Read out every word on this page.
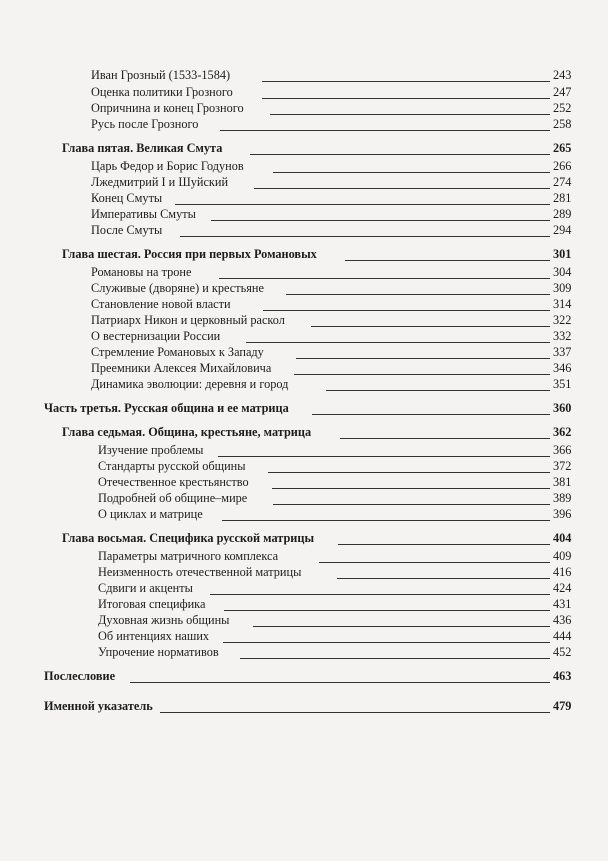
Иван Грозный (1533-1584)	243
Оценка политики Грозного	247
Опричнина и конец Грозного	252
Русь после Грозного	258
Глава пятая. Великая Смута	265
Царь Федор и Борис Годунов	266
Лжедмитрий I и Шуйский	274
Конец Смуты	281
Императивы Смуты	289
После Смуты	294
Глава шестая. Россия при первых Романовых	301
Романовы на троне	304
Служивые (дворяне) и крестьяне	309
Становление новой власти	314
Патриарх Никон и церковный раскол	322
О вестернизации России	332
Стремление Романовых к Западу	337
Преемники Алексея Михайловича	346
Динамика эволюции: деревня и город	351
Часть третья. Русская община и ее матрица	360
Глава седьмая. Община, крестьяне, матрица	362
Изучение проблемы	366
Стандарты русской общины	372
Отечественное крестьянство	381
Подробней об общине–мире	389
О циклах и матрице	396
Глава восьмая. Специфика русской матрицы	404
Параметры матричного комплекса	409
Неизменность отечественной матрицы	416
Сдвиги и акценты	424
Итоговая специфика	431
Духовная жизнь общины	436
Об интенциях наших	444
Упрочение нормативов	452
Послесловие	463
Именной указатель	479
